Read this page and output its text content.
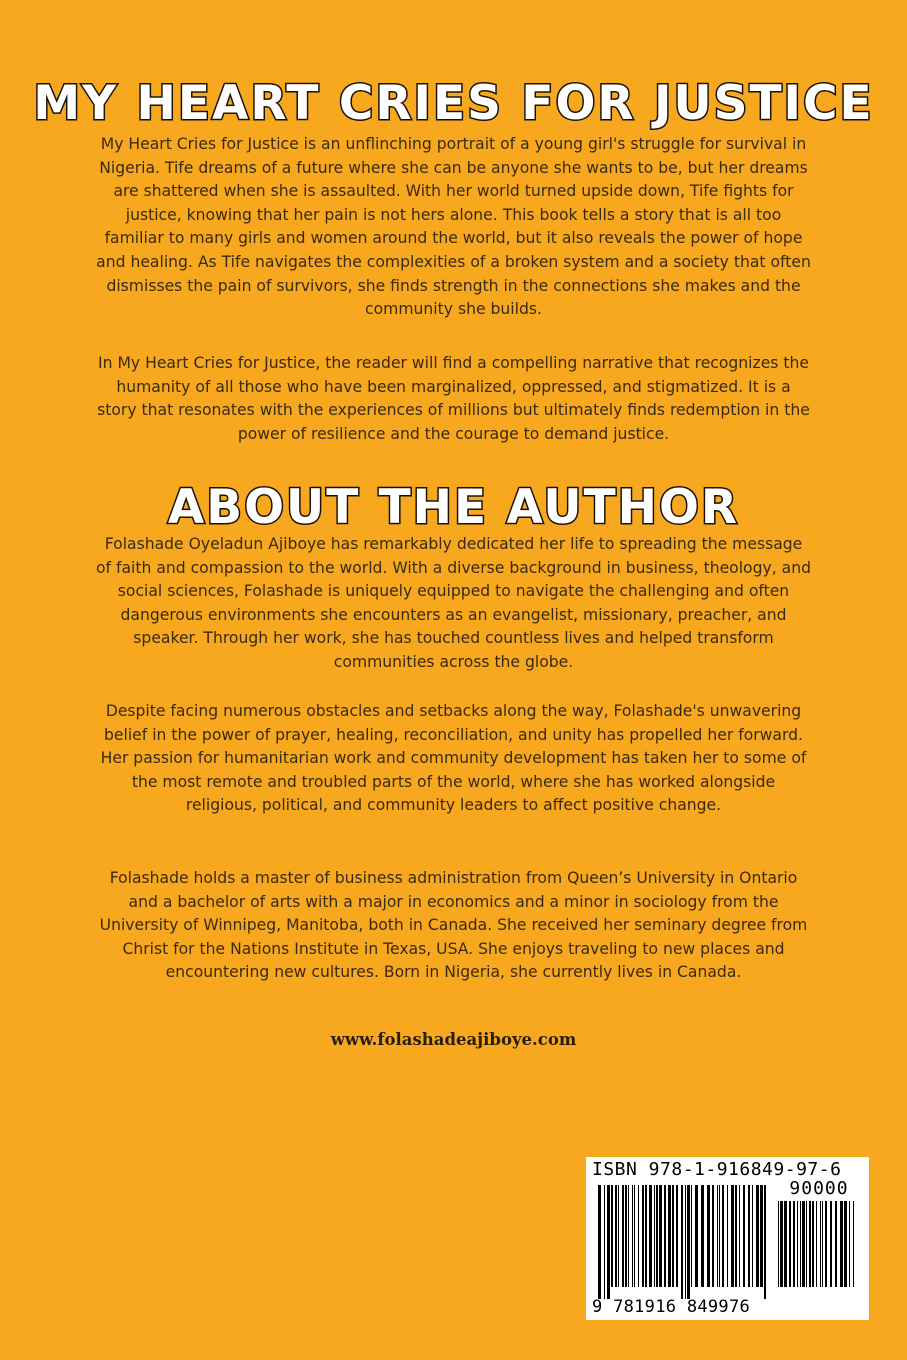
MY HEART CRIES FOR JUSTICE

My Heart Cries for Justice is an unflinching portrait of a young girl's struggle for survival in Nigeria. Tife dreams of a future where she can be anyone she wants to be, but her dreams are shattered when she is assaulted. With her world turned upside down, Tife fights for justice, knowing that her pain is not hers alone. This book tells a story that is all too familiar to many girls and women around the world, but it also reveals the power of hope and healing. As Tife navigates the complexities of a broken system and a society that often dismisses the pain of survivors, she finds strength in the connections she makes and the community she builds.

In My Heart Cries for Justice, the reader will find a compelling narrative that recognizes the humanity of all those who have been marginalized, oppressed, and stigmatized. It is a story that resonates with the experiences of millions but ultimately finds redemption in the power of resilience and the courage to demand justice.

ABOUT THE AUTHOR

Folashade Oyeladun Ajiboye has remarkably dedicated her life to spreading the message of faith and compassion to the world. With a diverse background in business, theology, and social sciences, Folashade is uniquely equipped to navigate the challenging and often dangerous environments she encounters as an evangelist, missionary, preacher, and speaker. Through her work, she has touched countless lives and helped transform communities across the globe.

Despite facing numerous obstacles and setbacks along the way, Folashade's unwavering belief in the power of prayer, healing, reconciliation, and unity has propelled her forward. Her passion for humanitarian work and community development has taken her to some of the most remote and troubled parts of the world, where she has worked alongside religious, political, and community leaders to affect positive change.

Folashade holds a master of business administration from Queen’s University in Ontario and a bachelor of arts with a major in economics and a minor in sociology from the University of Winnipeg, Manitoba, both in Canada. She received her seminary degree from Christ for the Nations Institute in Texas, USA. She enjoys traveling to new places and encountering new cultures. Born in Nigeria, she currently lives in Canada.

www.folashadeajiboye.com
ISBN 978-1-916849-97-6
90000
9 781916 849976
